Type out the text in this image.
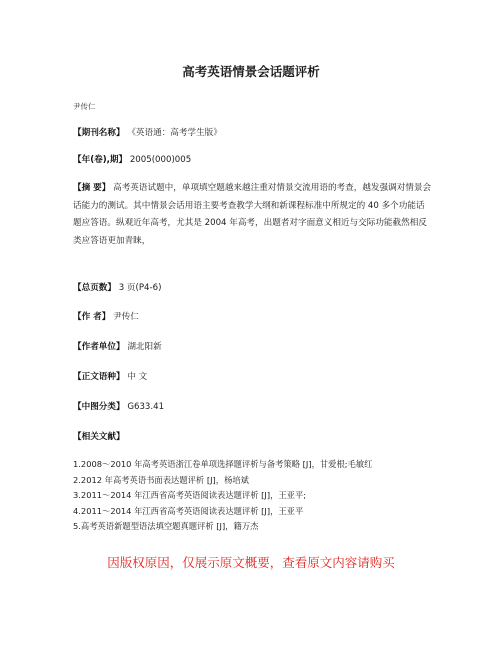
高考英语情景会话题评析
尹传仁
【期刊名称】 《英语通：高考学生版》
【年(卷),期】 2005(000)005
【摘 要】 高考英语试题中，单项填空题越来越注重对情景交流用语的考查，越发强调对情景会话能力的测试。其中情景会话用语主要考查教学大纲和新课程标准中所规定的 40 多个功能话题应答语。纵观近年高考，尤其是 2004 年高考，出题者对字面意义相近与交际功能截然相反类应答语更加青睐，
【总页数】 3 页(P4-6)
【作 者】 尹传仁
【作者单位】 湖北阳新
【正文语种】 中 文
【中图分类】 G633.41
【相关文献】
1.2008～2010 年高考英语浙江卷单项选择题评析与备考策略 [J]，甘爱根;毛敏红
2.2012 年高考英语书面表达题评析 [J]，杨培斌
3.2011～2014 年江西省高考英语阅读表达题评析 [J]，王亚平;
4.2011～2014 年江西省高考英语阅读表达题评析 [J]，王亚平
5.高考英语新题型语法填空题真题评析 [J]，籍万杰
因版权原因，仅展示原文概要，查看原文内容请购买
